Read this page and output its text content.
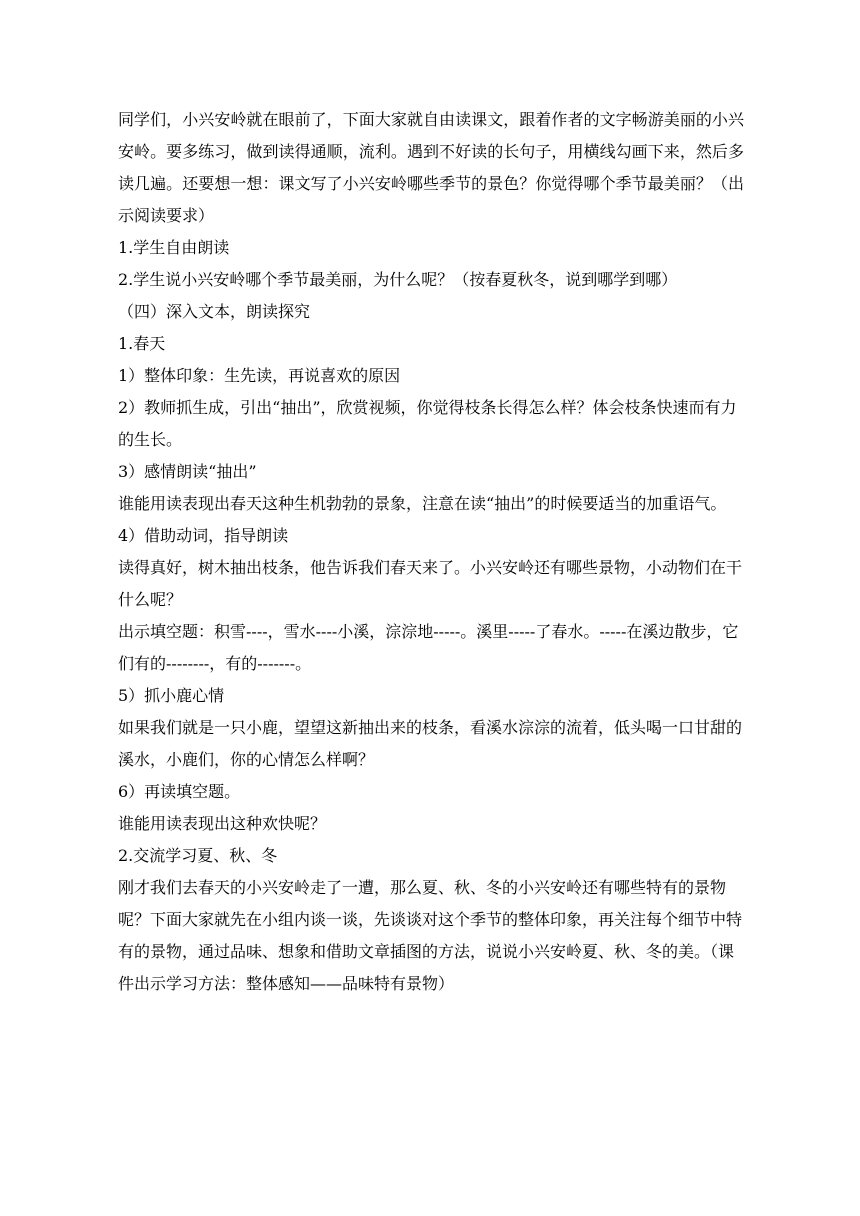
同学们，小兴安岭就在眼前了，下面大家就自由读课文，跟着作者的文字畅游美丽的小兴安岭。要多练习，做到读得通顺，流利。遇到不好读的长句子，用横线勾画下来，然后多读几遍。还要想一想：课文写了小兴安岭哪些季节的景色？你觉得哪个季节最美丽？（出示阅读要求）

1.学生自由朗读

2.学生说小兴安岭哪个季节最美丽，为什么呢？（按春夏秋冬，说到哪学到哪）

（四）深入文本，朗读探究

1.春天

1）整体印象：生先读，再说喜欢的原因

2）教师抓生成，引出“抽出”，欣赏视频，你觉得枝条长得怎么样？体会枝条快速而有力的生长。

3）感情朗读“抽出”

谁能用读表现出春天这种生机勃勃的景象，注意在读“抽出”的时候要适当的加重语气。

4）借助动词，指导朗读

读得真好，树木抽出枝条，他告诉我们春天来了。小兴安岭还有哪些景物，小动物们在干什么呢？

出示填空题：积雪----，雪水----小溪，淙淙地-----。溪里-----了春水。-----在溪边散步，它们有的--------，有的-------。

5）抓小鹿心情

如果我们就是一只小鹿，望望这新抽出来的枝条，看溪水淙淙的流着，低头喝一口甘甜的溪水，小鹿们，你的心情怎么样啊？

6）再读填空题。

谁能用读表现出这种欢快呢？

2.交流学习夏、秋、冬

刚才我们去春天的小兴安岭走了一遭，那么夏、秋、冬的小兴安岭还有哪些特有的景物呢？下面大家就先在小组内谈一谈，先谈谈对这个季节的整体印象，再关注每个细节中特有的景物，通过品味、想象和借助文章插图的方法，说说小兴安岭夏、秋、冬的美。（课件出示学习方法：整体感知——品味特有景物）
